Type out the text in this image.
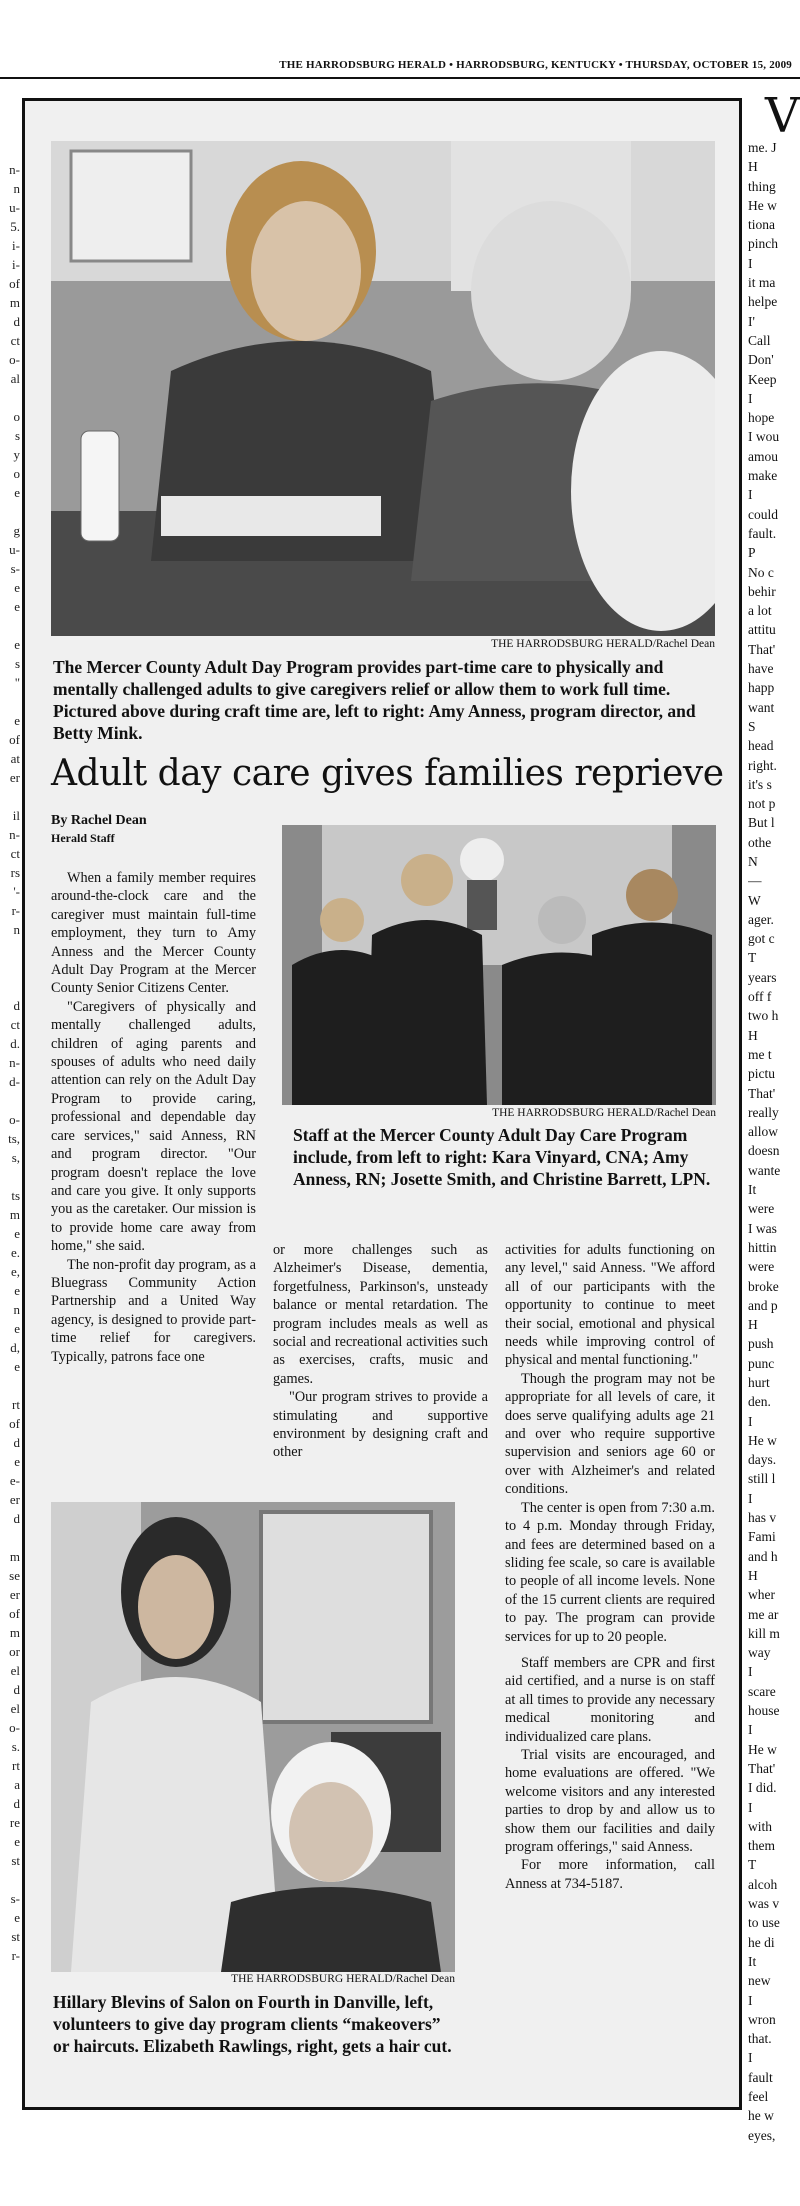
THE HARRODSBURG HERALD • HARRODSBURG, KENTUCKY • THURSDAY, OCTOBER 15, 2009
n-
n
u-
5.
i-
i-
of
m
d
ct
o-
al

o
s
y
o
e

g
u-
s-
e
e

e
s
"

e
of
at
er

il
n-
ct
rs
'-
r-
n

d
ct
d.
n-
d-

o-
ts,
s,

ts
m
e
e.
e,
e
n
e
d,
e

rt
of
d
e
e-
er
d

m
se
er
of
m
or
el
d
el
o-
s.
rt
a
d
re
e
st

s-
e
st
r-
V
me. J
H
thing
He w
tiona
pinch
I
it ma
helpe
I'
Call
Don'
Keep
I
hope
I wou
amou
make
I
could
fault.
P
No c
behir
a lot
attitu
That'
have
happ
want
S
head
right.
it's s
not p
But l
othe
N
—
W
ager.
got c
T
years
off f
two h
H
me t
pictu
That'
really
allow
doesn
wante
It
were
I was
hittin
were
broke
and p
H
push
punc
hurt
den.
I
He w
days.
still l
I
has v
Fami
and h
H
wher
me ar
kill m
way
I
scare
house
I
He w
That'
I did.
I
with
them
T
alcoh
was v
to use
he di
It
new
I
wron
that.
I
fault
feel
he w
eyes,
THE HARRODSBURG HERALD/Rachel Dean
The Mercer County Adult Day Program provides part-time care to physically and mentally challenged adults to give caregivers relief or allow them to work full time. Pictured above during craft time are, left to right: Amy Anness, program director, and Betty Mink.
Adult day care gives families reprieve
By Rachel Dean
Herald Staff
THE HARRODSBURG HERALD/Rachel Dean
Staff at the Mercer County Adult Day Care Program include, from left to right: Kara Vinyard, CNA; Amy Anness, RN; Josette Smith, and Christine Barrett, LPN.

When a family member requires around-the-clock care and the caregiver must maintain full-time employment, they turn to Amy Anness and the Mercer County Adult Day Program at the Mercer County Senior Citizens Center.

"Caregivers of physically and mentally challenged adults, children of aging parents and spouses of adults who need daily attention can rely on the Adult Day Program to provide caring, professional and dependable day care services," said Anness, RN and program director. "Our program doesn't replace the love and care you give. It only supports you as the caretaker. Our mission is to provide home care away from home," she said.

The non-profit day program, as a Bluegrass Community Action Partnership and a United Way agency, is designed to provide part-time relief for caregivers. Typically, patrons face one

or more challenges such as Alzheimer's Disease, dementia, forgetfulness, Parkinson's, unsteady balance or mental retardation. The program includes meals as well as social and recreational activities such as exercises, crafts, music and games.

"Our program strives to provide a stimulating and supportive environment by designing craft and other

activities for adults functioning on any level," said Anness. "We afford all of our participants with the opportunity to continue to meet their social, emotional and physical needs while improving control of physical and mental functioning."

Though the program may not be appropriate for all levels of care, it does serve qualifying adults age 21 and over who require supportive supervision and seniors age 60 or over with Alzheimer's and related conditions.

The center is open from 7:30 a.m. to 4 p.m. Monday through Friday, and fees are determined based on a sliding fee scale, so care is available to people of all income levels. None of the 15 current clients are required to pay. The program can provide services for up to 20 people.

Staff members are CPR and first aid certified, and a nurse is on staff at all times to provide any necessary medical monitoring and individualized care plans.

Trial visits are encouraged, and home evaluations are offered. "We welcome visitors and any interested parties to drop by and allow us to show them our facilities and daily program offerings," said Anness.

For more information, call Anness at 734-5187.

THE HARRODSBURG HERALD/Rachel Dean
Hillary Blevins of Salon on Fourth in Danville, left, volunteers to give day program clients “makeovers” or haircuts. Elizabeth Rawlings, right, gets a hair cut.
